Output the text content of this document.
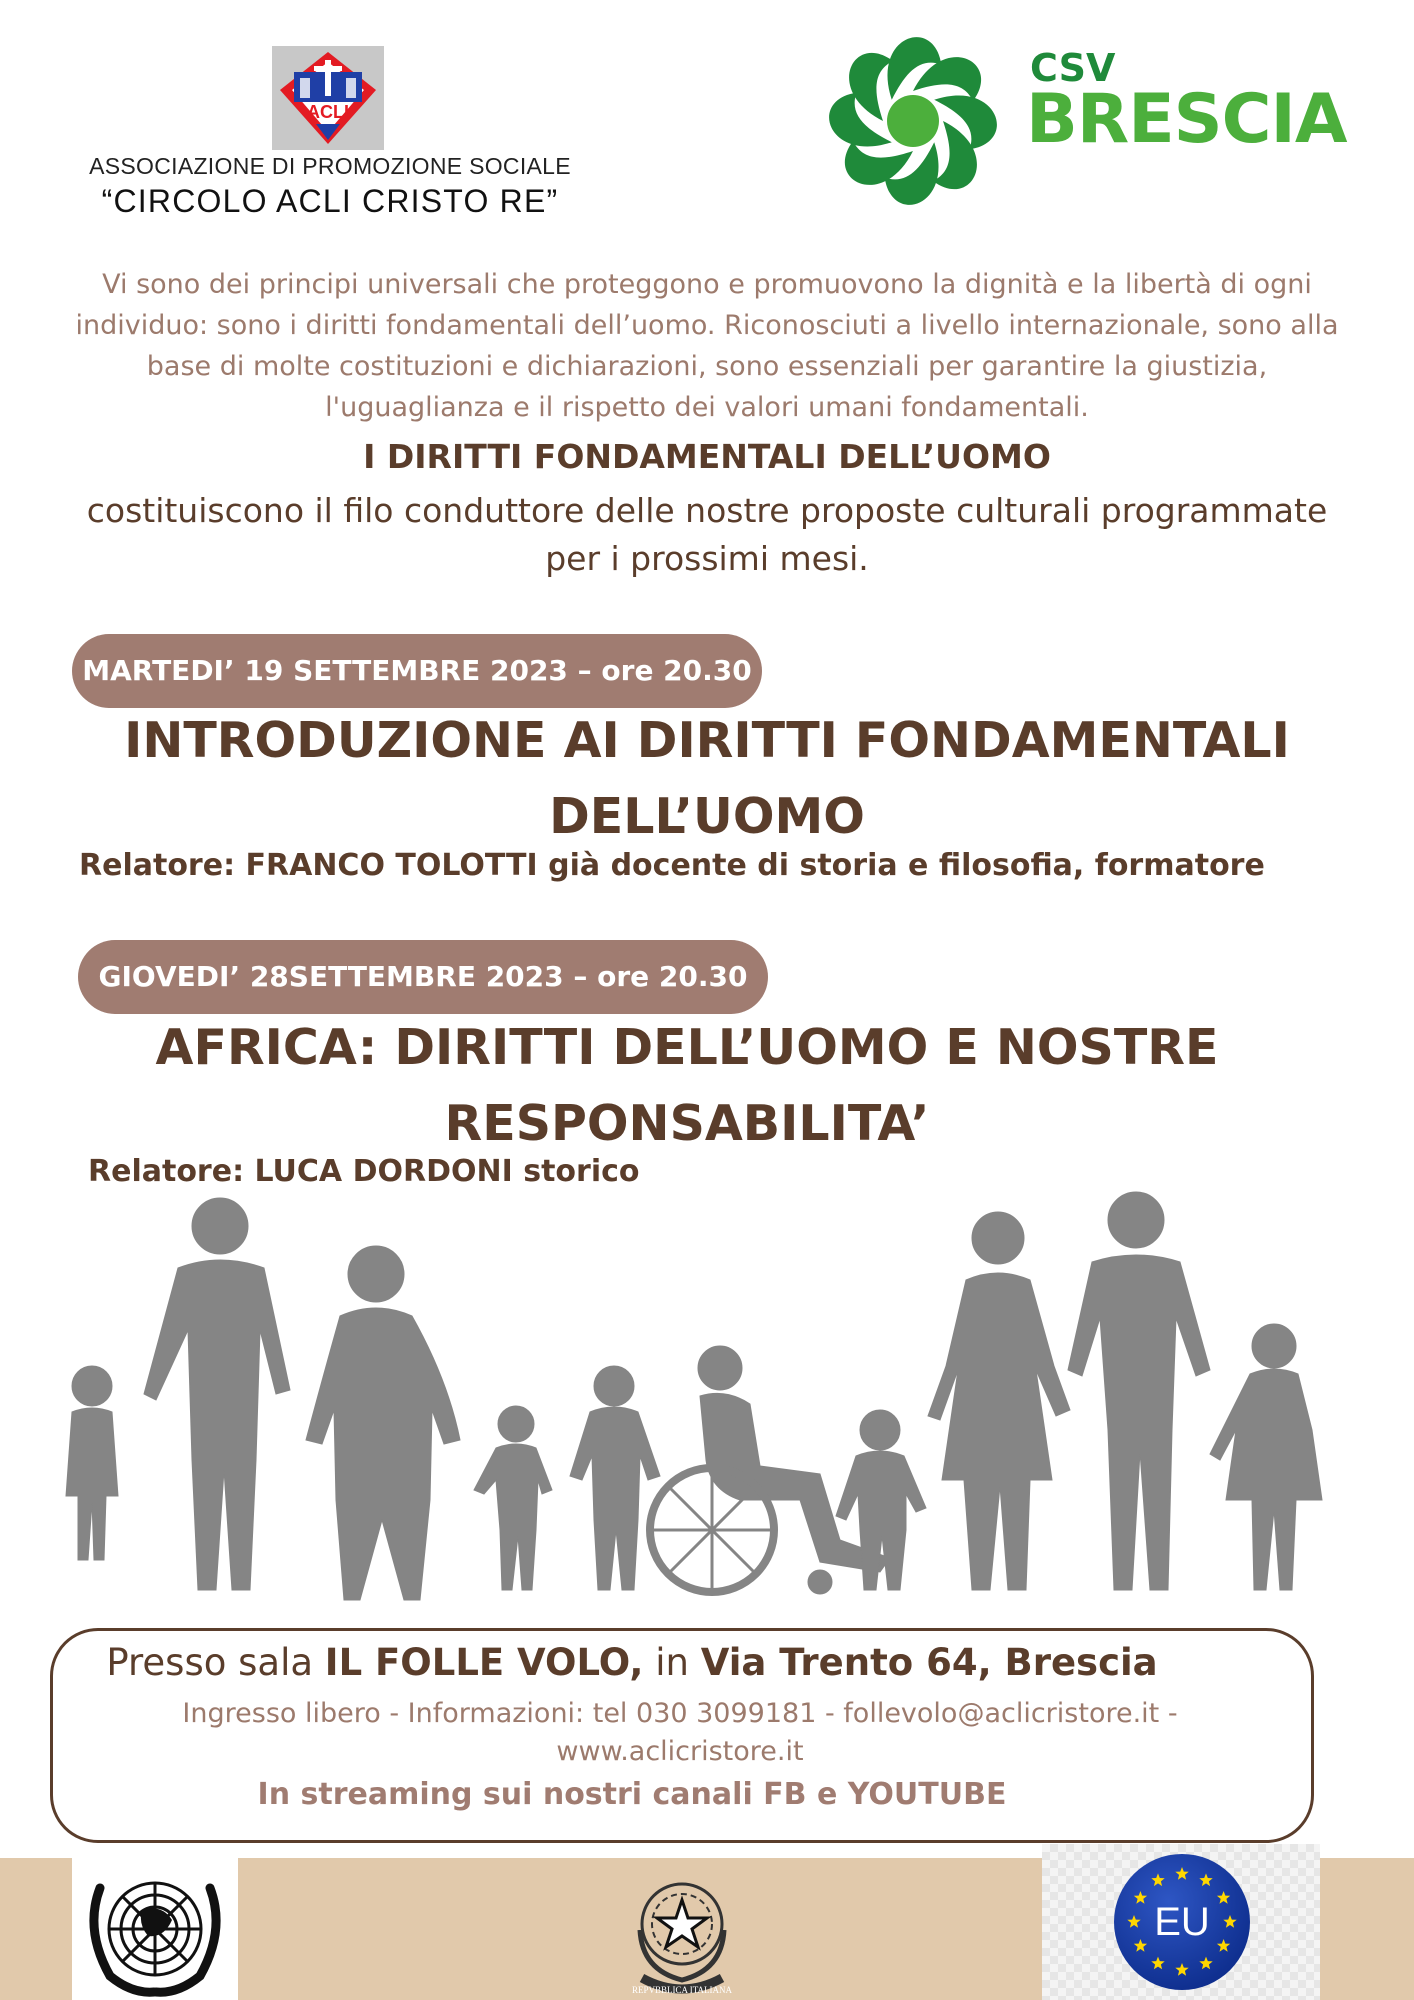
ACLI
ASSOCIAZIONE DI PROMOZIONE SOCIALE
“CIRCOLO ACLI CRISTO RE”
CSV
BRESCIA
Vi sono dei principi universali che proteggono e promuovono la dignità e la libertà di ogni individuo: sono i diritti fondamentali dell’uomo. Riconosciuti a livello internazionale, sono alla base di molte costituzioni e dichiarazioni, sono essenziali per garantire la giustizia, l'uguaglianza e il rispetto dei valori umani fondamentali.
I DIRITTI FONDAMENTALI DELL’UOMO
costituiscono il filo conduttore delle nostre proposte culturali programmate per i prossimi mesi.
MARTEDI’ 19 SETTEMBRE 2023 – ore 20.30
INTRODUZIONE AI DIRITTI FONDAMENTALI DELL’UOMO
Relatore: FRANCO TOLOTTI già docente di storia e filosofia, formatore
GIOVEDI’ 28SETTEMBRE 2023 – ore 20.30
AFRICA: DIRITTI DELL’UOMO E NOSTRE RESPONSABILITA’
Relatore: LUCA DORDONI storico
Presso sala IL FOLLE VOLO, in Via Trento 64, Brescia
Ingresso libero - Informazioni: tel 030 3099181 - follevolo@aclicristore.it - www.aclicristore.it
In streaming sui nostri canali FB e YOUTUBE
REPVBBLICA ITALIANA
EU
